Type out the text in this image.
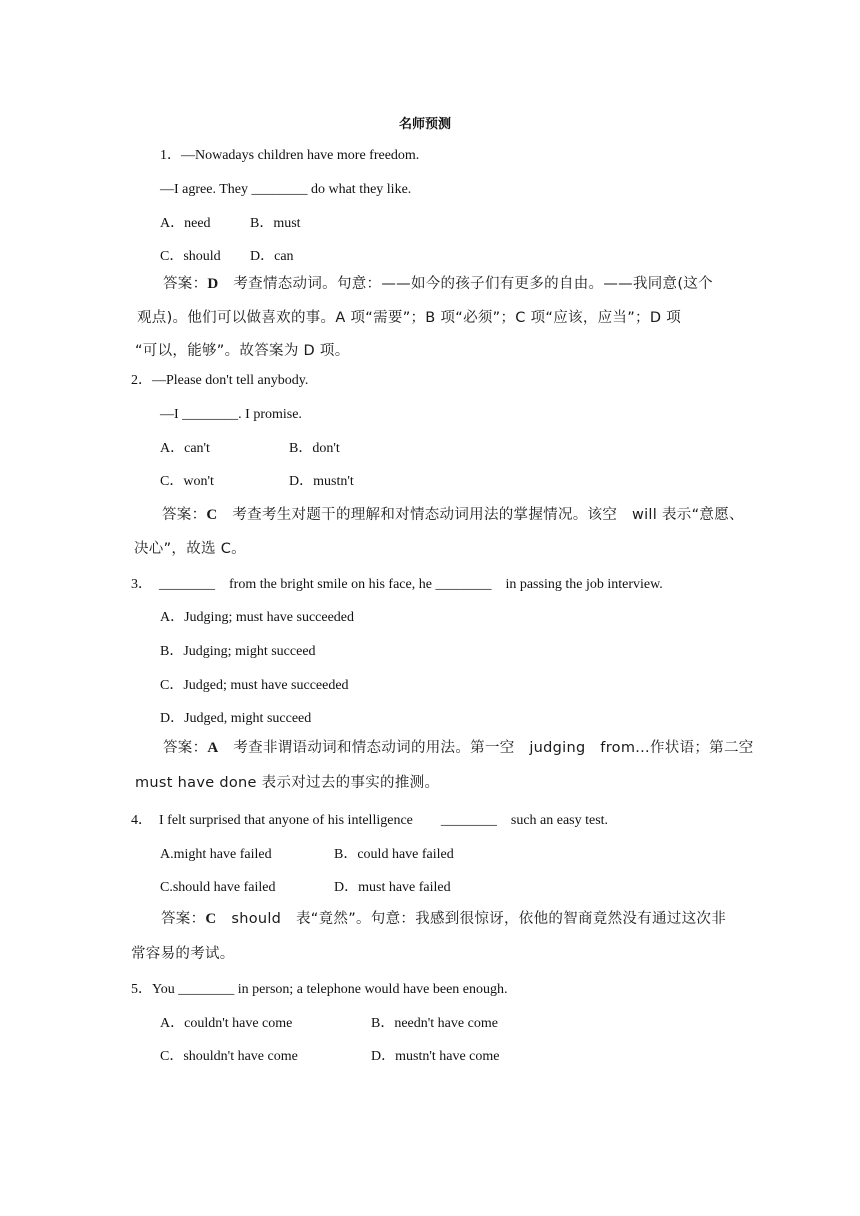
名师预测
1．—Nowadays children have more freedom.
—I agree. They ________ do what they like.
A．need	B．must
C．should D．can
答案：D　考查情态动词。句意：——如今的孩子们有更多的自由。——我同意(这个
观点)。他们可以做喜欢的事。A 项“需要”；B 项“必须”；C 项“应该，应当”；D 项
“可以，能够”。故答案为 D 项。
2．—Please don't tell anybody.
—I ________. I promise.
A．can't	B．don't
C．won't	D．mustn't
答案：C　考查考生对题干的理解和对情态动词用法的掌握情况。该空　will 表示“意愿、
决心”，故选 C。
3．　________　from the bright smile on his face, he ________　in passing the job interview.
A．Judging; must have succeeded
B．Judging; might succeed
C．Judged; must have succeeded
D．Judged, might succeed
答案：A　考查非谓语动词和情态动词的用法。第一空　judging　from...作状语；第二空
must have done 表示对过去的事实的推测。
4．　I felt surprised that anyone of his intelligence　　________　such an easy test.
A.might have failed	B．could have failed
C.should have failed	D．must have failed
答案：C　should　表“竟然”。句意：我感到很惊讶，依他的智商竟然没有通过这次非
常容易的考试。
5．You ________ in person; a telephone would have been enough.
A．couldn't have come	B．needn't have come
C．shouldn't have come	D．mustn't have come
